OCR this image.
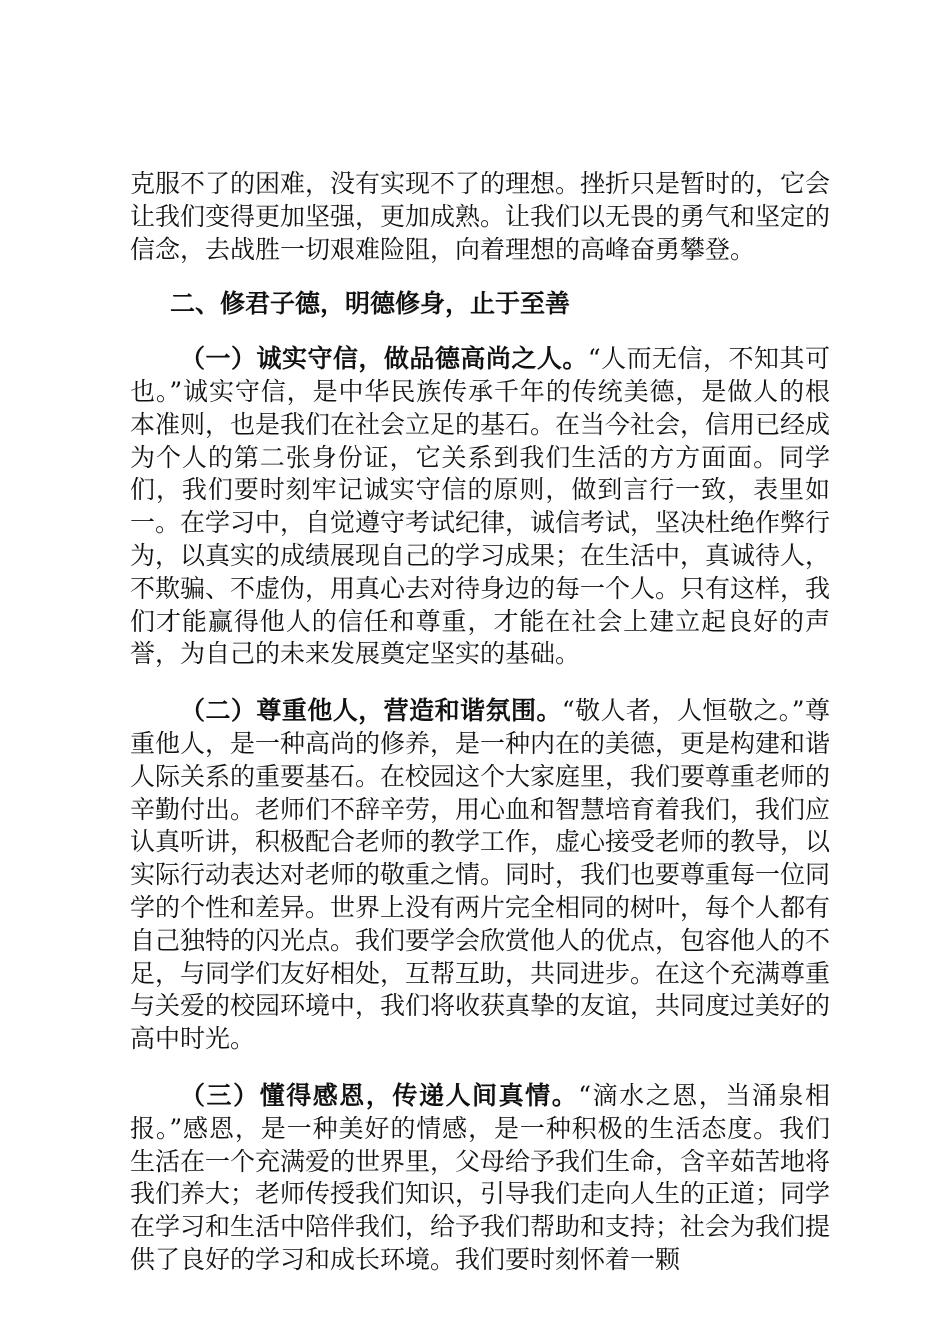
克服不了的困难，没有实现不了的理想。挫折只是暂时的，它会让我们变得更加坚强，更加成熟。让我们以无畏的勇气和坚定的信念，去战胜一切艰难险阻，向着理想的高峰奋勇攀登。

二、修君子德，明德修身，止于至善

（一）诚实守信，做品德高尚之人。“人而无信，不知其可也。”诚实守信，是中华民族传承千年的传统美德，是做人的根本准则，也是我们在社会立足的基石。在当今社会，信用已经成为个人的第二张身份证，它关系到我们生活的方方面面。同学们，我们要时刻牢记诚实守信的原则，做到言行一致，表里如一。在学习中，自觉遵守考试纪律，诚信考试，坚决杜绝作弊行为，以真实的成绩展现自己的学习成果；在生活中，真诚待人，不欺骗、不虚伪，用真心去对待身边的每一个人。只有这样，我们才能赢得他人的信任和尊重，才能在社会上建立起良好的声誉，为自己的未来发展奠定坚实的基础。

（二）尊重他人，营造和谐氛围。“敬人者，人恒敬之。”尊重他人，是一种高尚的修养，是一种内在的美德，更是构建和谐人际关系的重要基石。在校园这个大家庭里，我们要尊重老师的辛勤付出。老师们不辞辛劳，用心血和智慧培育着我们，我们应认真听讲，积极配合老师的教学工作，虚心接受老师的教导，以实际行动表达对老师的敬重之情。同时，我们也要尊重每一位同学的个性和差异。世界上没有两片完全相同的树叶，每个人都有自己独特的闪光点。我们要学会欣赏他人的优点，包容他人的不足，与同学们友好相处，互帮互助，共同进步。在这个充满尊重与关爱的校园环境中，我们将收获真挚的友谊，共同度过美好的高中时光。

（三）懂得感恩，传递人间真情。“滴水之恩，当涌泉相报。”感恩，是一种美好的情感，是一种积极的生活态度。我们生活在一个充满爱的世界里，父母给予我们生命，含辛茹苦地将我们养大；老师传授我们知识，引导我们走向人生的正道；同学在学习和生活中陪伴我们，给予我们帮助和支持；社会为我们提供了良好的学习和成长环境。我们要时刻怀着一颗
